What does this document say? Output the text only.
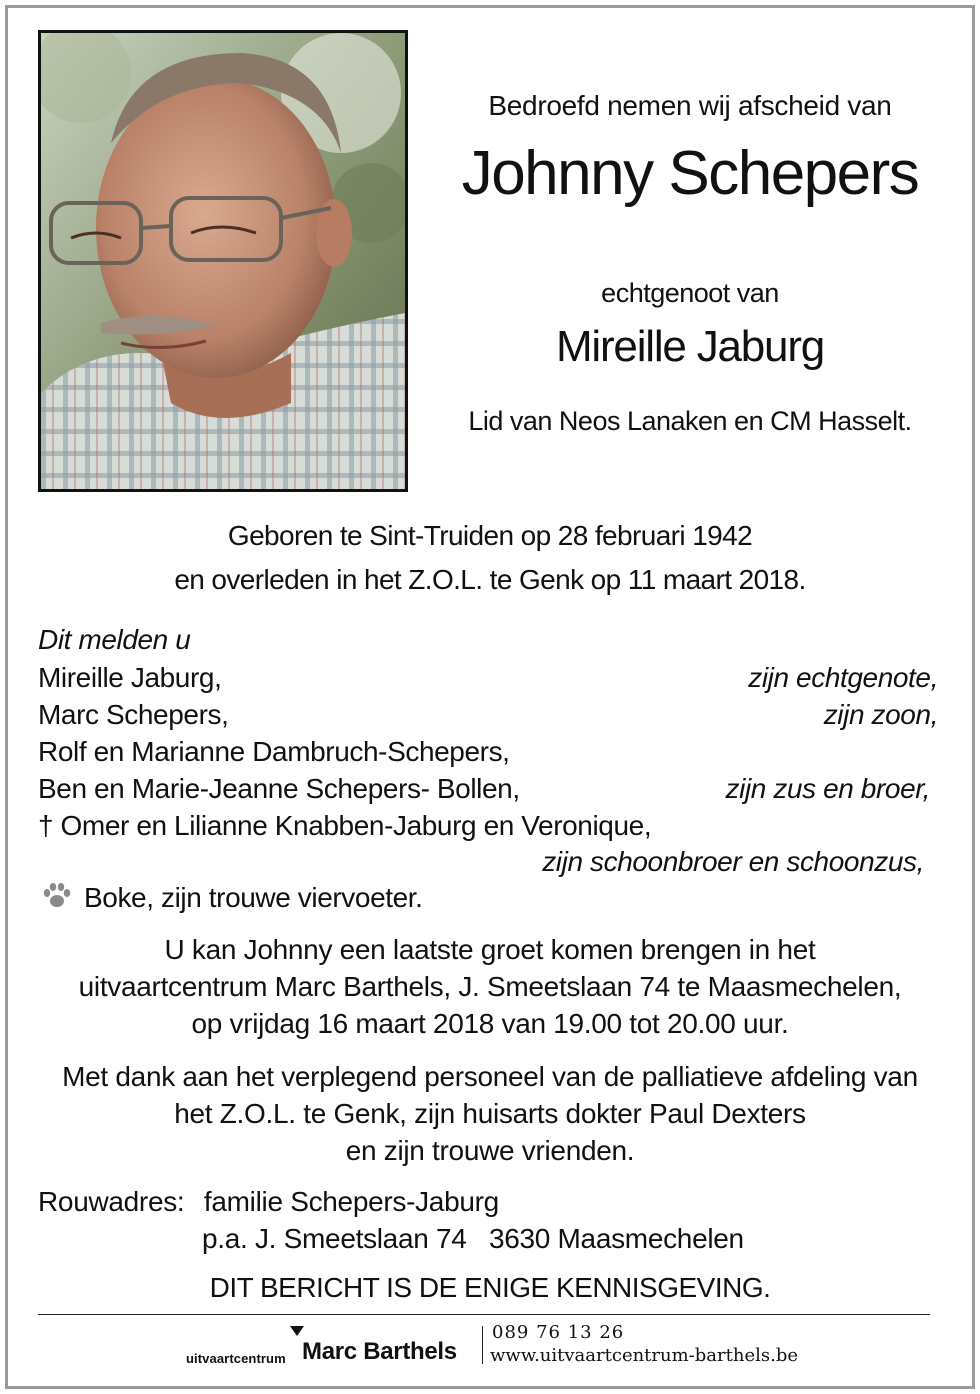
Bedroefd nemen wij afscheid van
Johnny Schepers
echtgenoot van
Mireille Jaburg
Lid van Neos Lanaken en CM Hasselt.
Geboren te Sint-Truiden op 28 februari 1942
en overleden in het Z.O.L. te Genk op 11 maart 2018.
Dit melden u
Mireille Jaburg,	zijn echtgenote,
Marc Schepers,	zijn zoon,
Rolf en Marianne Dambruch-Schepers,
Ben en Marie-Jeanne Schepers- Bollen,	zijn zus en broer,
† Omer en Lilianne Knabben-Jaburg en Veronique,
zijn schoonbroer en schoonzus,
Boke, zijn trouwe viervoeter.
U kan Johnny een laatste groet komen brengen in het
uitvaartcentrum Marc Barthels, J. Smeetslaan 74 te Maasmechelen,
op vrijdag 16 maart 2018 van 19.00 tot 20.00 uur.
Met dank aan het verplegend personeel van de palliatieve afdeling van
het Z.O.L. te Genk, zijn huisarts dokter Paul Dexters
en zijn trouwe vrienden.
Rouwadres: familie Schepers-Jaburg
p.a. J. Smeetslaan 74   3630 Maasmechelen
DIT BERICHT IS DE ENIGE KENNISGEVING.
uitvaartcentrum Marc Barthels
089 76 13 26
www.uitvaartcentrum-barthels.be
